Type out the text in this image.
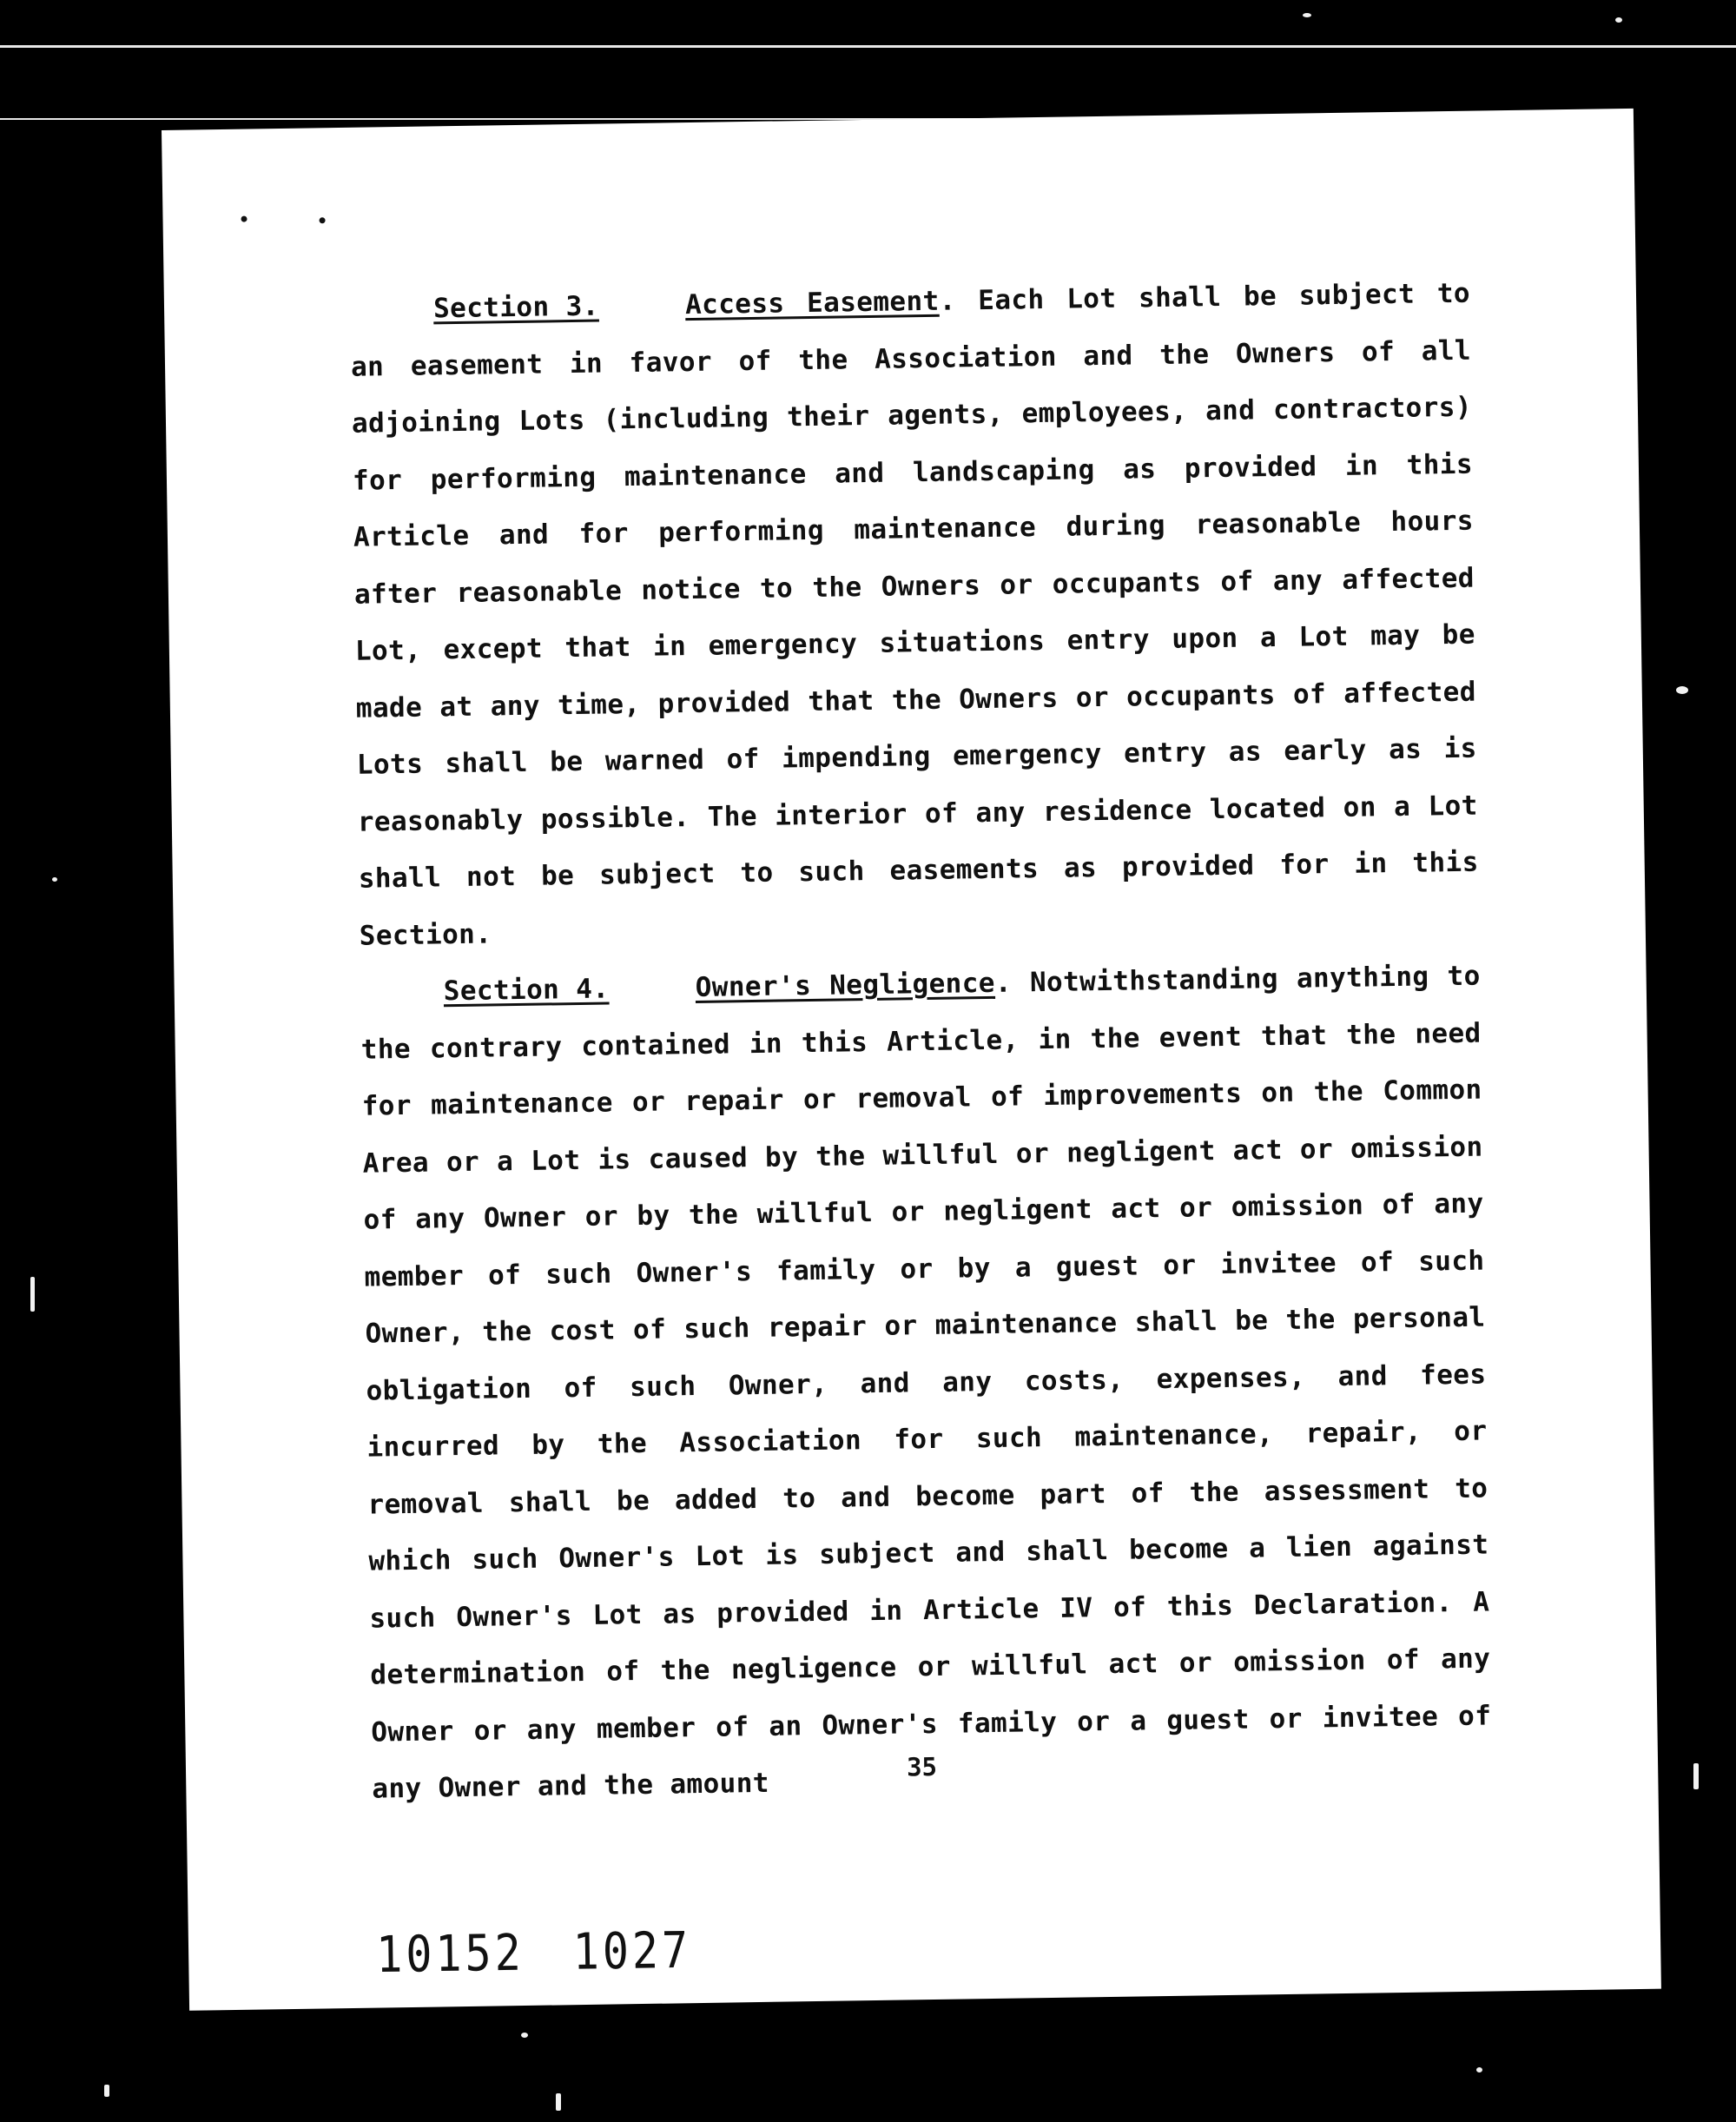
Section 3.	Access Easement. Each Lot shall be subject to an easement in favor of the Association and the Owners of all adjoining Lots (including their agents, employees, and contractors) for performing maintenance and landscaping as provided in this Article and for performing maintenance during reasonable hours after reasonable notice to the Owners or occupants of any affected Lot, except that in emergency situations entry upon a Lot may be made at any time, provided that the Owners or occupants of affected Lots shall be warned of impending emergency entry as early as is reasonably possible. The interior of any residence located on a Lot shall not be subject to such easements as provided for in this Section.

Section 4.	Owner's Negligence. Notwithstanding anything to the contrary contained in this Article, in the event that the need for maintenance or repair or removal of improvements on the Common Area or a Lot is caused by the willful or negligent act or omission of any Owner or by the willful or negligent act or omission of any member of such Owner's family or by a guest or invitee of such Owner, the cost of such repair or maintenance shall be the personal obligation of such Owner, and any costs, expenses, and fees incurred by the Association for such maintenance, repair, or removal shall be added to and become part of the assessment to which such Owner's Lot is subject and shall become a lien against such Owner's Lot as provided in Article IV of this Declaration. A determination of the negligence or willful act or omission of any Owner or any member of an Owner's family or a guest or invitee of any Owner and the amount

35
10152 1027
